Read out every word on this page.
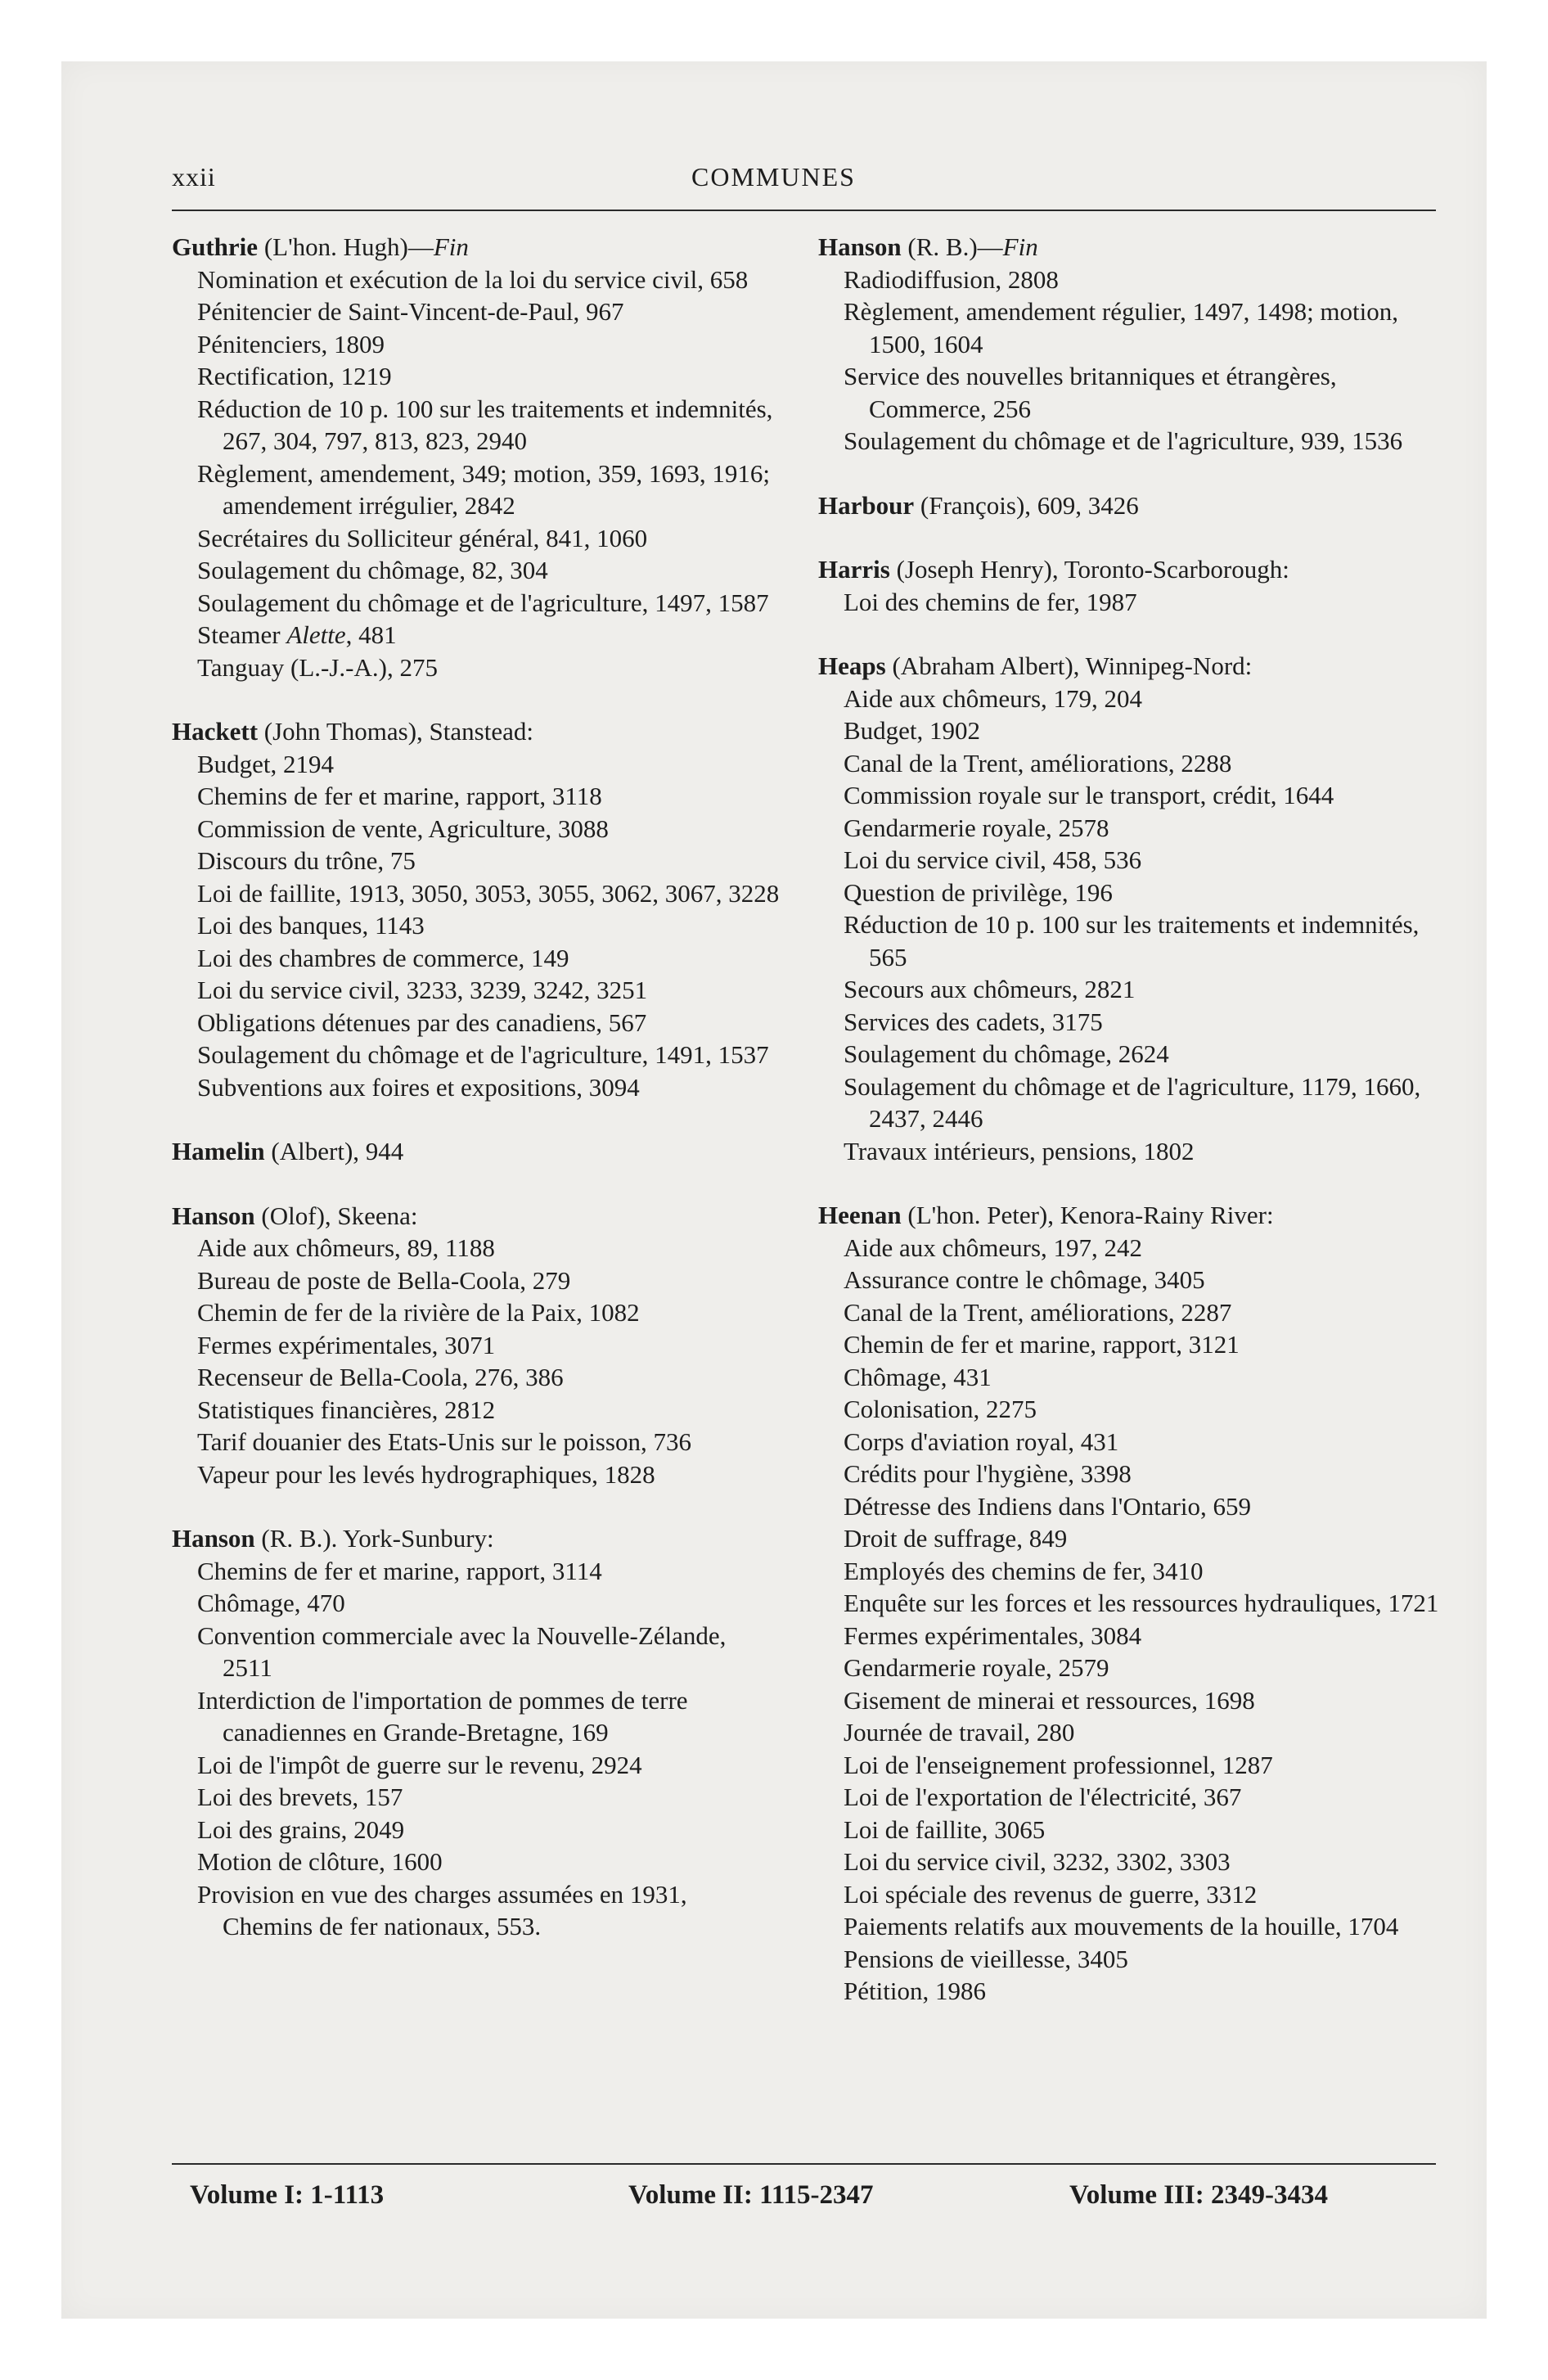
xxii	COMMUNES
Guthrie (L'hon. Hugh)—Fin
Nomination et exécution de la loi du service civil, 658
Pénitencier de Saint-Vincent-de-Paul, 967
Pénitenciers, 1809
Rectification, 1219
Réduction de 10 p. 100 sur les traitements et indemnités, 267, 304, 797, 813, 823, 2940
Règlement, amendement, 349; motion, 359, 1693, 1916; amendement irrégulier, 2842
Secrétaires du Solliciteur général, 841, 1060
Soulagement du chômage, 82, 304
Soulagement du chômage et de l'agriculture, 1497, 1587
Steamer Alette, 481
Tanguay (L.-J.-A.), 275
Hackett (John Thomas), Stanstead:
Budget, 2194
Chemins de fer et marine, rapport, 3118
Commission de vente, Agriculture, 3088
Discours du trône, 75
Loi de faillite, 1913, 3050, 3053, 3055, 3062, 3067, 3228
Loi des banques, 1143
Loi des chambres de commerce, 149
Loi du service civil, 3233, 3239, 3242, 3251
Obligations détenues par des canadiens, 567
Soulagement du chômage et de l'agriculture, 1491, 1537
Subventions aux foires et expositions, 3094
Hamelin (Albert), 944
Hanson (Olof), Skeena:
Aide aux chômeurs, 89, 1188
Bureau de poste de Bella-Coola, 279
Chemin de fer de la rivière de la Paix, 1082
Fermes expérimentales, 3071
Recenseur de Bella-Coola, 276, 386
Statistiques financières, 2812
Tarif douanier des Etats-Unis sur le poisson, 736
Vapeur pour les levés hydrographiques, 1828
Hanson (R. B.). York-Sunbury:
Chemins de fer et marine, rapport, 3114
Chômage, 470
Convention commerciale avec la Nouvelle-Zélande, 2511
Interdiction de l'importation de pommes de terre canadiennes en Grande-Bretagne, 169
Loi de l'impôt de guerre sur le revenu, 2924
Loi des brevets, 157
Loi des grains, 2049
Motion de clôture, 1600
Provision en vue des charges assumées en 1931, Chemins de fer nationaux, 553.
Hanson (R. B.)—Fin
Radiodiffusion, 2808
Règlement, amendement régulier, 1497, 1498; motion, 1500, 1604
Service des nouvelles britanniques et étrangères, Commerce, 256
Soulagement du chômage et de l'agriculture, 939, 1536
Harbour (François), 609, 3426
Harris (Joseph Henry), Toronto-Scarborough:
Loi des chemins de fer, 1987
Heaps (Abraham Albert), Winnipeg-Nord:
Aide aux chômeurs, 179, 204
Budget, 1902
Canal de la Trent, améliorations, 2288
Commission royale sur le transport, crédit, 1644
Gendarmerie royale, 2578
Loi du service civil, 458, 536
Question de privilège, 196
Réduction de 10 p. 100 sur les traitements et indemnités, 565
Secours aux chômeurs, 2821
Services des cadets, 3175
Soulagement du chômage, 2624
Soulagement du chômage et de l'agriculture, 1179, 1660, 2437, 2446
Travaux intérieurs, pensions, 1802
Heenan (L'hon. Peter), Kenora-Rainy River:
Aide aux chômeurs, 197, 242
Assurance contre le chômage, 3405
Canal de la Trent, améliorations, 2287
Chemin de fer et marine, rapport, 3121
Chômage, 431
Colonisation, 2275
Corps d'aviation royal, 431
Crédits pour l'hygiène, 3398
Détresse des Indiens dans l'Ontario, 659
Droit de suffrage, 849
Employés des chemins de fer, 3410
Enquête sur les forces et les ressources hydrauliques, 1721
Fermes expérimentales, 3084
Gendarmerie royale, 2579
Gisement de minerai et ressources, 1698
Journée de travail, 280
Loi de l'enseignement professionnel, 1287
Loi de l'exportation de l'électricité, 367
Loi de faillite, 3065
Loi du service civil, 3232, 3302, 3303
Loi spéciale des revenus de guerre, 3312
Paiements relatifs aux mouvements de la houille, 1704
Pensions de vieillesse, 3405
Pétition, 1986
Volume I: 1-1113	Volume II: 1115-2347	Volume III: 2349-3434
